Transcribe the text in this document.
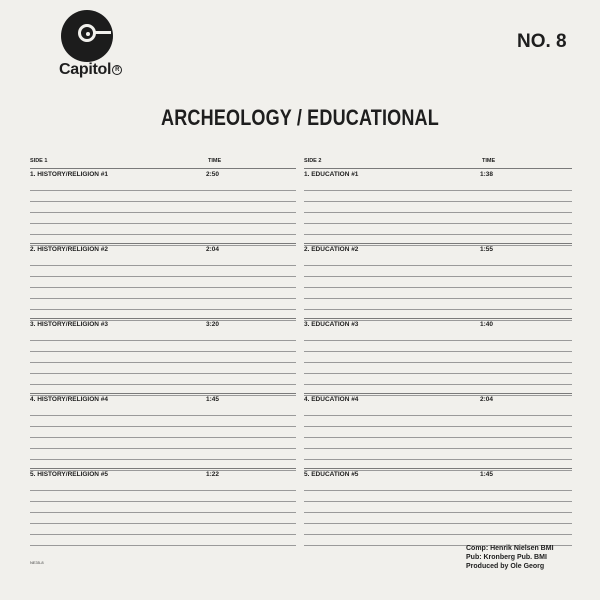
Capitol R
NO. 8
ARCHEOLOGY / EDUCATIONAL
SIDE 1	TIME
1. HISTORY/RELIGION #1	2:50
2. HISTORY/RELIGION #2	2:04
3. HISTORY/RELIGION #3	3:20
4. HISTORY/RELIGION #4	1:45
5. HISTORY/RELIGION #5	1:22
SIDE 2	TIME
1. EDUCATION #1	1:38
2. EDUCATION #2	1:55
3. EDUCATION #3	1:40
4. EDUCATION #4	2:04
5. EDUCATION #5	1:45
Comp: Henrik Nielsen BMI
Pub: Kronberg Pub. BMI
Produced by Ole Georg
NE35-8
